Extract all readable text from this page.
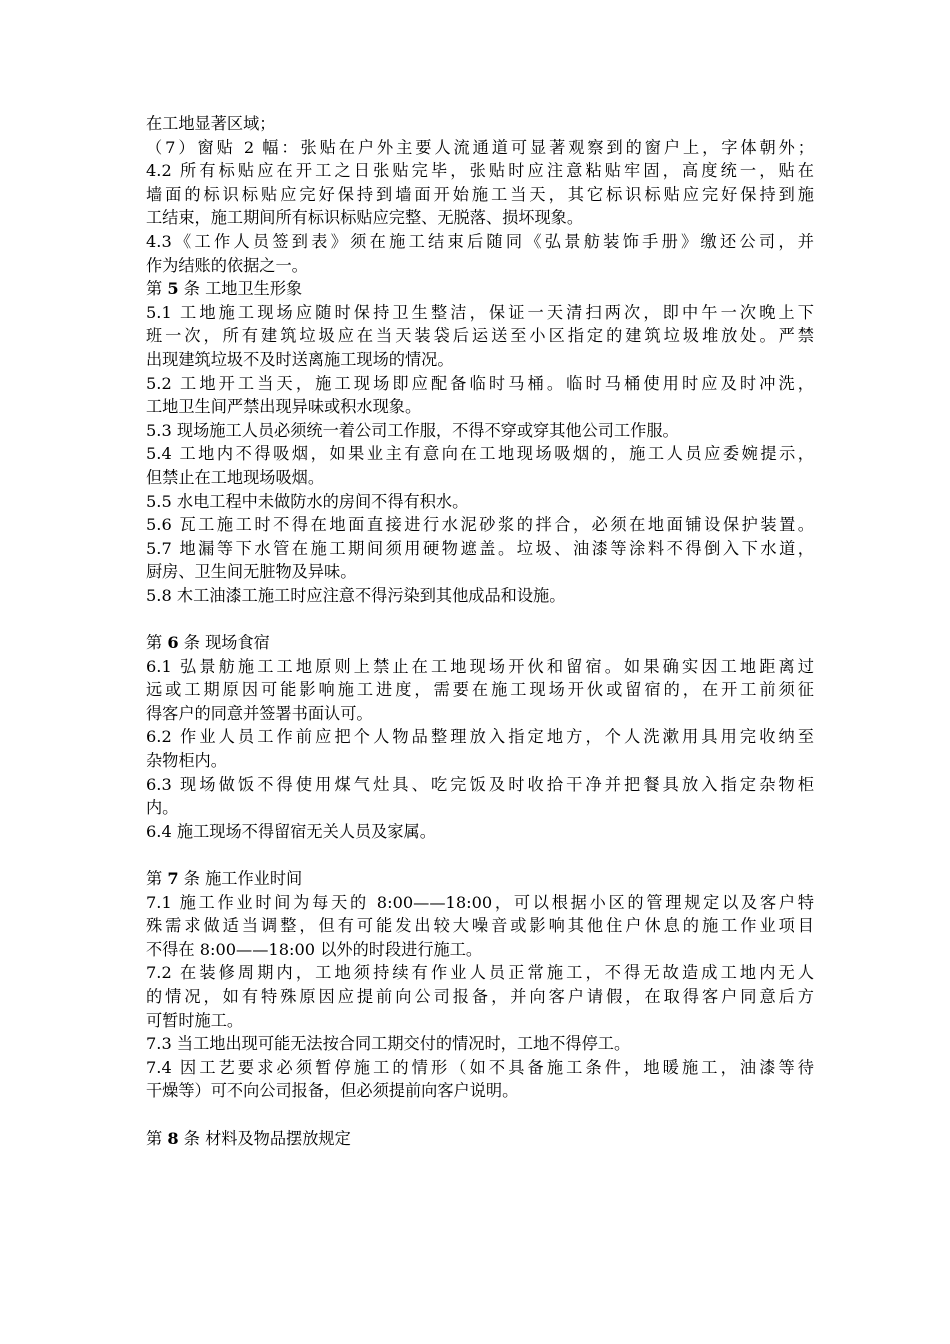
在工地显著区域；
（7）窗贴 2 幅：张贴在户外主要人流通道可显著观察到的窗户上，字体朝外；
4.2 所有标贴应在开工之日张贴完毕，张贴时应注意粘贴牢固，高度统一，贴在
墙面的标识标贴应完好保持到墙面开始施工当天，其它标识标贴应完好保持到施
工结束，施工期间所有标识标贴应完整、无脱落、损坏现象。
4.3《工作人员签到表》须在施工结束后随同《弘景舫装饰手册》缴还公司，并
作为结账的依据之一。
第 5 条 工地卫生形象
5.1 工地施工现场应随时保持卫生整洁，保证一天清扫两次，即中午一次晚上下
班一次，所有建筑垃圾应在当天装袋后运送至小区指定的建筑垃圾堆放处。严禁
出现建筑垃圾不及时送离施工现场的情况。
5.2 工地开工当天，施工现场即应配备临时马桶。临时马桶使用时应及时冲洗，
工地卫生间严禁出现异味或积水现象。
5.3 现场施工人员必须统一着公司工作服，不得不穿或穿其他公司工作服。
5.4 工地内不得吸烟，如果业主有意向在工地现场吸烟的，施工人员应委婉提示，
但禁止在工地现场吸烟。
5.5 水电工程中未做防水的房间不得有积水。
5.6 瓦工施工时不得在地面直接进行水泥砂浆的拌合，必须在地面铺设保护装置。
5.7 地漏等下水管在施工期间须用硬物遮盖。垃圾、油漆等涂料不得倒入下水道，
厨房、卫生间无脏物及异味。
5.8 木工油漆工施工时应注意不得污染到其他成品和设施。
第 6 条 现场食宿
6.1 弘景舫施工工地原则上禁止在工地现场开伙和留宿。如果确实因工地距离过
远或工期原因可能影响施工进度，需要在施工现场开伙或留宿的，在开工前须征
得客户的同意并签署书面认可。
6.2 作业人员工作前应把个人物品整理放入指定地方，个人洗漱用具用完收纳至
杂物柜内。
6.3 现场做饭不得使用煤气灶具、吃完饭及时收拾干净并把餐具放入指定杂物柜
内。
6.4 施工现场不得留宿无关人员及家属。
第 7 条 施工作业时间
7.1 施工作业时间为每天的 8:00——18:00，可以根据小区的管理规定以及客户特
殊需求做适当调整，但有可能发出较大噪音或影响其他住户休息的施工作业项目
不得在 8:00——18:00 以外的时段进行施工。
7.2 在装修周期内，工地须持续有作业人员正常施工，不得无故造成工地内无人
的情况，如有特殊原因应提前向公司报备，并向客户请假，在取得客户同意后方
可暂时施工。
7.3 当工地出现可能无法按合同工期交付的情况时，工地不得停工。
7.4 因工艺要求必须暂停施工的情形（如不具备施工条件，地暖施工，油漆等待
干燥等）可不向公司报备，但必须提前向客户说明。
第 8 条 材料及物品摆放规定
